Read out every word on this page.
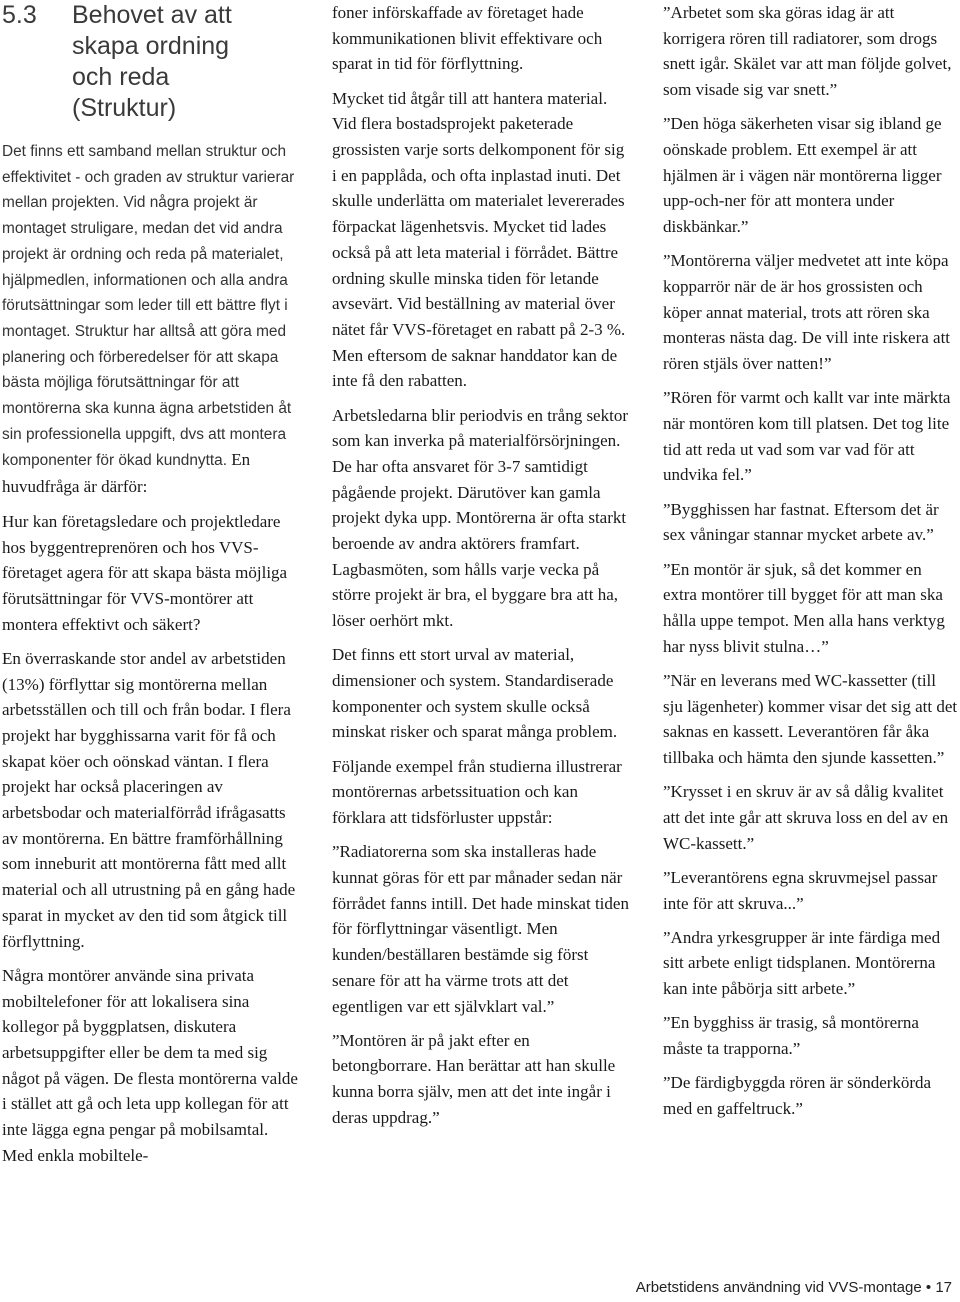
5.3	Behovet av att
skapa ordning
och reda
(Struktur)

Det finns ett samband mellan struktur och effektivitet - och graden av struktur varierar mellan projekten. Vid några projekt är montaget struligare, medan det vid andra projekt är ordning och reda på materialet, hjälpmedlen, informationen och alla andra förutsättningar som leder till ett bättre flyt i montaget. Struktur har alltså att göra med planering och förberedelser för att skapa bästa möjliga förutsättningar för att montörerna ska kunna ägna arbetstiden åt sin professionella uppgift, dvs att montera komponenter för ökad kundnytta. En huvudfråga är därför:

Hur kan företagsledare och projektledare hos byggentreprenören och hos VVS-företaget agera för att skapa bästa möjliga förutsättningar för VVS-montörer att montera effektivt och säkert?

En överraskande stor andel av arbetstiden (13%) förflyttar sig montörerna mellan arbetsställen och till och från bodar. I flera projekt har bygghissarna varit för få och skapat köer och oönskad väntan. I flera projekt har också placeringen av arbetsbodar och materialförråd ifrågasatts av montörerna. En bättre framförhållning som inneburit att montörerna fått med allt material och all utrustning på en gång hade sparat in mycket av den tid som åtgick till förflyttning.

Några montörer använde sina privata mobiltelefoner för att lokalisera sina kollegor på byggplatsen, diskutera arbetsuppgifter eller be dem ta med sig något på vägen. De flesta montörerna valde i stället att gå och leta upp kollegan för att inte lägga egna pengar på mobilsamtal. Med enkla mobiltele-

foner införskaffade av företaget hade kommunikationen blivit effektivare och sparat in tid för förflyttning.

Mycket tid åtgår till att hantera material. Vid flera bostadsprojekt paketerade grossisten varje sorts delkomponent för sig i en papplåda, och ofta inplastad inuti. Det skulle underlätta om materialet levererades förpackat lägenhetsvis. Mycket tid lades också på att leta material i förrådet. Bättre ordning skulle minska tiden för letande avsevärt. Vid beställning av material över nätet får VVS-företaget en rabatt på 2-3 %. Men eftersom de saknar handdator kan de inte få den rabatten.

Arbetsledarna blir periodvis en trång sektor som kan inverka på materialförsörjningen. De har ofta ansvaret för 3-7 samtidigt pågående projekt. Därutöver kan gamla projekt dyka upp. Montörerna är ofta starkt beroende av andra aktörers framfart. Lagbasmöten, som hålls varje vecka på större projekt är bra, el byggare bra att ha, löser oerhört mkt.

Det finns ett stort urval av material, dimensioner och system. Standardiserade komponenter och system skulle också minskat risker och sparat många problem.

Följande exempel från studierna illustrerar montörernas arbetssituation och kan förklara att tidsförluster uppstår:

”Radiatorerna som ska installeras hade kunnat göras för ett par månader sedan när förrådet fanns intill. Det hade minskat tiden för förflyttningar väsentligt. Men kunden/beställaren bestämde sig först senare för att ha värme trots att det egentligen var ett självklart val.”

”Montören är på jakt efter en betongborrare. Han berättar att han skulle kunna borra själv, men att det inte ingår i deras uppdrag.”

”Arbetet som ska göras idag är att korrigera rören till radiatorer, som drogs snett igår. Skälet var att man följde golvet, som visade sig var snett.”

”Den höga säkerheten visar sig ibland ge oönskade problem. Ett exempel är att hjälmen är i vägen när montörerna ligger upp-och-ner för att montera under diskbänkar.”

”Montörerna väljer medvetet att inte köpa kopparrör när de är hos grossisten och köper annat material, trots att rören ska monteras nästa dag. De vill inte riskera att rören stjäls över natten!”

”Rören för varmt och kallt var inte märkta när montören kom till platsen. Det tog lite tid att reda ut vad som var vad för att undvika fel.”

”Bygghissen har fastnat. Eftersom det är sex våningar stannar mycket arbete av.”

”En montör är sjuk, så det kommer en extra montörer till bygget för att man ska hålla uppe tempot. Men alla hans verktyg har nyss blivit stulna…”

”När en leverans med WC-kassetter (till sju lägenheter) kommer visar det sig att det saknas en kassett. Leverantören får åka tillbaka och hämta den sjunde kassetten.”

”Krysset i en skruv är av så dålig kvalitet att det inte går att skruva loss en del av en WC-kassett.”

”Leverantörens egna skruvmejsel passar inte för att skruva...”

”Andra yrkesgrupper är inte färdiga med sitt arbete enligt tidsplanen. Montörerna kan inte påbörja sitt arbete.”

”En bygghiss är trasig, så montörerna måste ta trapporna.”

”De färdigbyggda rören är sönderkörda med en gaffeltruck.”

Arbetstidens användning vid VVS-montage • 17
